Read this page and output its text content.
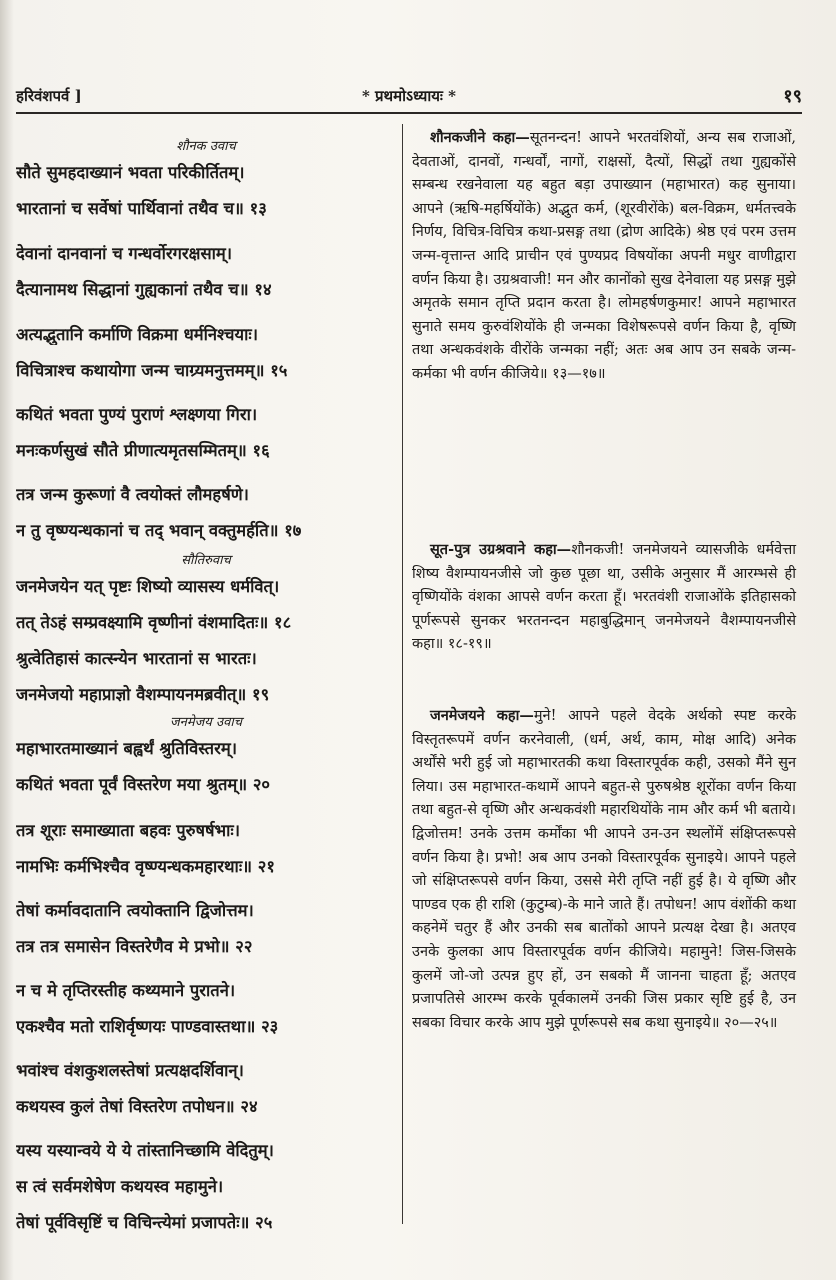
हरिवंशपर्व ]	* प्रथमोऽध्यायः *	१९
शौनक उवाच
सौते सुमहदाख्यानं भवता परिकीर्तितम्।
भारतानां च सर्वेषां पार्थिवानां तथैव च॥ १३
देवानां दानवानां च गन्धर्वोरगरक्षसाम्।
दैत्यानामथ सिद्धानां गुह्यकानां तथैव च॥ १४
अत्यद्भुतानि कर्माणि विक्रमा धर्मनिश्चयाः।
विचित्राश्च कथायोगा जन्म चाग्र्यमनुत्तमम्॥ १५
कथितं भवता पुण्यं पुराणं श्लक्ष्णया गिरा।
मनःकर्णसुखं सौते प्रीणात्यमृतसम्मितम्॥ १६
तत्र जन्म कुरूणां वै त्वयोक्तं लौमहर्षणे।
न तु वृष्ण्यन्धकानां च तद् भवान् वक्तुमर्हति॥ १७
सौतिरुवाच
जनमेजयेन यत् पृष्टः शिष्यो व्यासस्य धर्मवित्।
तत् तेऽहं सम्प्रवक्ष्यामि वृष्णीनां वंशमादितः॥ १८
श्रुत्वेतिहासं कात्स्न्येन भारतानां स भारतः।
जनमेजयो महाप्राज्ञो वैशम्पायनमब्रवीत्॥ १९
जनमेजय उवाच
महाभारतमाख्यानं बह्वर्थं श्रुतिविस्तरम्।
कथितं भवता पूर्वं विस्तरेण मया श्रुतम्॥ २०
तत्र शूराः समाख्याता बहवः पुरुषर्षभाः।
नामभिः कर्मभिश्चैव वृष्ण्यन्धकमहारथाः॥ २१
तेषां कर्मावदातानि त्वयोक्तानि द्विजोत्तम।
तत्र तत्र समासेन विस्तरेणैव मे प्रभो॥ २२
न च मे तृप्तिरस्तीह कथ्यमाने पुरातने।
एकश्चैव मतो राशिर्वृष्णयः पाण्डवास्तथा॥ २३
भवांश्च वंशकुशलस्तेषां प्रत्यक्षदर्शिवान्।
कथयस्व कुलं तेषां विस्तरेण तपोधन॥ २४
यस्य यस्यान्वये ये ये तांस्तानिच्छामि वेदितुम्।
स त्वं सर्वमशेषेण कथयस्व महामुने।
तेषां पूर्वविसृष्टिं च विचिन्त्येमां प्रजापतेः॥ २५
शौनकजीने कहा—सूतनन्दन! आपने भरतवंशियों, अन्य सब राजाओं, देवताओं, दानवों, गन्धर्वों, नागों, राक्षसों, दैत्यों, सिद्धों तथा गुह्यकोंसे सम्बन्ध रखनेवाला यह बहुत बड़ा उपाख्यान (महाभारत) कह सुनाया। आपने (ऋषि-महर्षियोंके) अद्भुत कर्म, (शूरवीरोंके) बल-विक्रम, धर्मतत्त्वके निर्णय, विचित्र-विचित्र कथा-प्रसङ्ग तथा (द्रोण आदिके) श्रेष्ठ एवं परम उत्तम जन्म-वृत्तान्त आदि प्राचीन एवं पुण्यप्रद विषयोंका अपनी मधुर वाणीद्वारा वर्णन किया है। उग्रश्रवाजी! मन और कानोंको सुख देनेवाला यह प्रसङ्ग मुझे अमृतके समान तृप्ति प्रदान करता है। लोमहर्षणकुमार! आपने महाभारत सुनाते समय कुरुवंशियोंके ही जन्मका विशेषरूपसे वर्णन किया है, वृष्णि तथा अन्धकवंशके वीरोंके जन्मका नहीं; अतः अब आप उन सबके जन्म-कर्मका भी वर्णन कीजिये॥ १३—१७॥
सूत-पुत्र उग्रश्रवाने कहा—शौनकजी! जनमेजयने व्यासजीके धर्मवेत्ता शिष्य वैशम्पायनजीसे जो कुछ पूछा था, उसीके अनुसार मैं आरम्भसे ही वृष्णियोंके वंशका आपसे वर्णन करता हूँ। भरतवंशी राजाओंके इतिहासको पूर्णरूपसे सुनकर भरतनन्दन महाबुद्धिमान् जनमेजयने वैशम्पायनजीसे कहा॥ १८-१९॥
जनमेजयने कहा—मुने! आपने पहले वेदके अर्थको स्पष्ट करके विस्तृतरूपमें वर्णन करनेवाली, (धर्म, अर्थ, काम, मोक्ष आदि) अनेक अर्थोंसे भरी हुई जो महाभारतकी कथा विस्तारपूर्वक कही, उसको मैंने सुन लिया। उस महाभारत-कथामें आपने बहुत-से पुरुषश्रेष्ठ शूरोंका वर्णन किया तथा बहुत-से वृष्णि और अन्धकवंशी महारथियोंके नाम और कर्म भी बताये। द्विजोत्तम! उनके उत्तम कर्मोंका भी आपने उन-उन स्थलोंमें संक्षिप्तरूपसे वर्णन किया है। प्रभो! अब आप उनको विस्तारपूर्वक सुनाइये। आपने पहले जो संक्षिप्तरूपसे वर्णन किया, उससे मेरी तृप्ति नहीं हुई है। ये वृष्णि और पाण्डव एक ही राशि (कुटुम्ब)-के माने जाते हैं। तपोधन! आप वंशोंकी कथा कहनेमें चतुर हैं और उनकी सब बातोंको आपने प्रत्यक्ष देखा है। अतएव उनके कुलका आप विस्तारपूर्वक वर्णन कीजिये। महामुने! जिस-जिसके कुलमें जो-जो उत्पन्न हुए हों, उन सबको मैं जानना चाहता हूँ; अतएव प्रजापतिसे आरम्भ करके पूर्वकालमें उनकी जिस प्रकार सृष्टि हुई है, उन सबका विचार करके आप मुझे पूर्णरूपसे सब कथा सुनाइये॥ २०—२५॥
